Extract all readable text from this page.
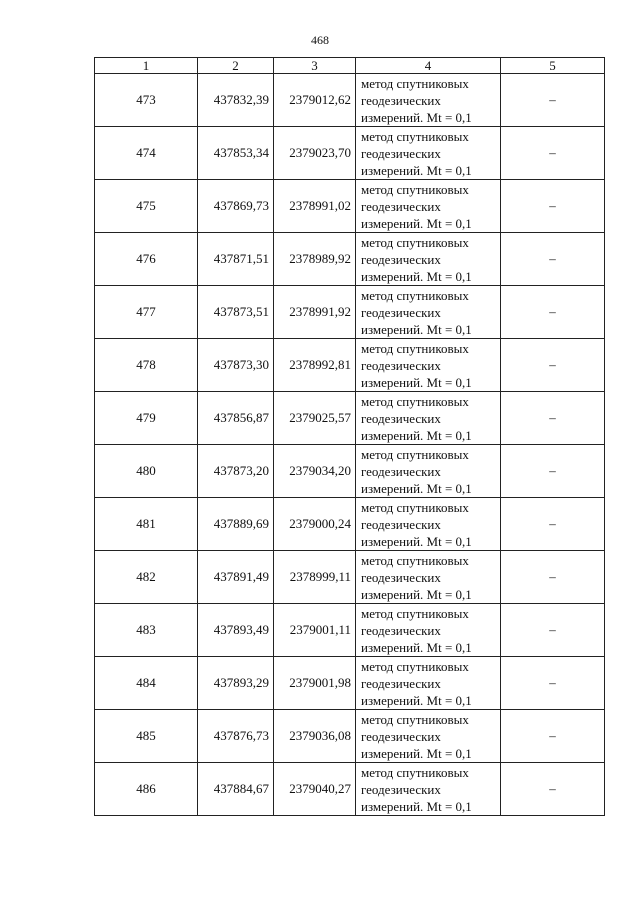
468
1	2	3	4	5
473	437832,39	2379012,62	метод спутниковых
геодезических
измерений. Mt = 0,1	–
474	437853,34	2379023,70	метод спутниковых
геодезических
измерений. Mt = 0,1	–
475	437869,73	2378991,02	метод спутниковых
геодезических
измерений. Mt = 0,1	–
476	437871,51	2378989,92	метод спутниковых
геодезических
измерений. Mt = 0,1	–
477	437873,51	2378991,92	метод спутниковых
геодезических
измерений. Mt = 0,1	–
478	437873,30	2378992,81	метод спутниковых
геодезических
измерений. Mt = 0,1	–
479	437856,87	2379025,57	метод спутниковых
геодезических
измерений. Mt = 0,1	–
480	437873,20	2379034,20	метод спутниковых
геодезических
измерений. Mt = 0,1	–
481	437889,69	2379000,24	метод спутниковых
геодезических
измерений. Mt = 0,1	–
482	437891,49	2378999,11	метод спутниковых
геодезических
измерений. Mt = 0,1	–
483	437893,49	2379001,11	метод спутниковых
геодезических
измерений. Mt = 0,1	–
484	437893,29	2379001,98	метод спутниковых
геодезических
измерений. Mt = 0,1	–
485	437876,73	2379036,08	метод спутниковых
геодезических
измерений. Mt = 0,1	–
486	437884,67	2379040,27	метод спутниковых
геодезических
измерений. Mt = 0,1	–
